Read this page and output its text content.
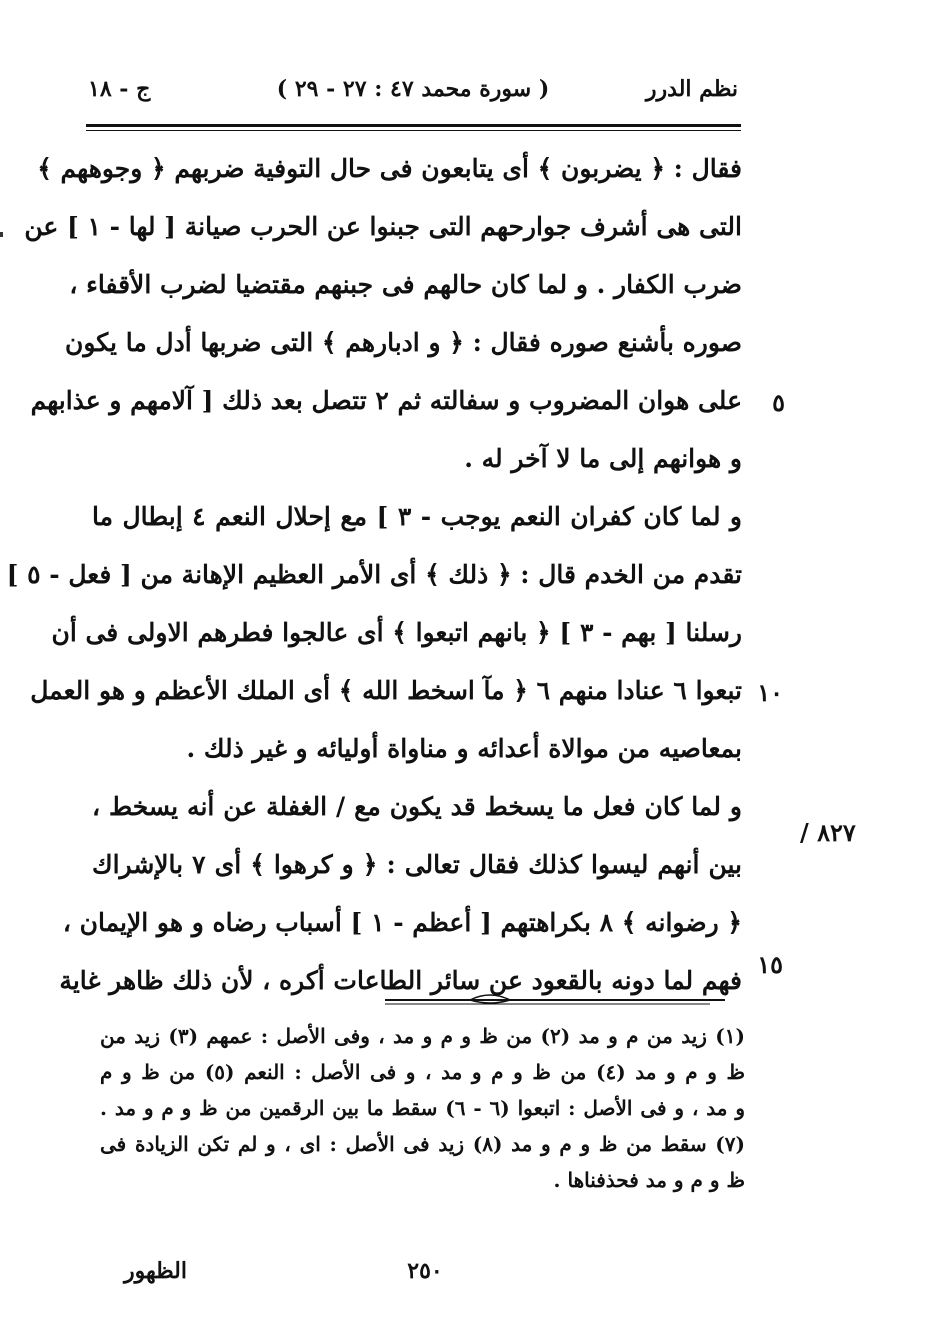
نظم الدرر
( سورة محمد ٤٧ : ٢٧ - ٢٩ )
ج - ١٨
فقال : ﴿ يضربون ﴾ أى يتابعون فى حال التوفية ضربهم ﴿ وجوههم ﴾
التى هى أشرف جوارحهم التى جبنوا عن الحرب صيانة [ لها - ١ ] عن
ضرب الكفار . و لما كان حالهم فى جبنهم مقتضيا لضرب الأقفاء ،
صوره بأشنع صوره فقال : ﴿ و ادبارهم ﴾ التى ضربها أدل ما يكون
على هوان المضروب و سفالته ثم ٢ تتصل بعد ذلك [ آلامهم و عذابهم
و هوانهم إلى ما لا آخر له .
و لما كان كفران النعم يوجب - ٣ ] مع إحلال النعم ٤ إبطال ما
تقدم من الخدم قال : ﴿ ذلك ﴾ أى الأمر العظيم الإهانة من [ فعل - ٥ ]
رسلنا [ بهم - ٣ ] ﴿ بانهم اتبعوا ﴾ أى عالجوا فطرهم الاولى فى أن
تبعوا ٦ عنادا منهم ٦ ﴿ مآ اسخط الله ﴾ أى الملك الأعظم و هو العمل
بمعاصيه من موالاة أعدائه و مناواة أوليائه و غير ذلك .
و لما كان فعل ما يسخط قد يكون مع / الغفلة عن أنه يسخط ،
بين أنهم ليسوا كذلك فقال تعالى : ﴿ و كرهوا ﴾ أى ٧ بالإشراك
﴿ رضوانه ﴾ ٨ بكراهتهم [ أعظم - ١ ] أسباب رضاه و هو الإيمان ،
فهم لما دونه بالقعود عن سائر الطاعات أكره ، لأن ذلك ظاهر غاية
٥
١٠
١٥
٨٢٧ /
(١) زيد من م و مد (٢) من ظ و م و مد ، وفى الأصل : عمهم (٣) زيد من
ظ و م و مد (٤) من ظ و م و مد ، و فى الأصل : النعم (٥) من ظ و م
و مد ، و فى الأصل : اتبعوا (٦ - ٦) سقط ما بين الرقمين من ظ و م و مد .
(٧) سقط من ظ و م و مد (٨) زيد فى الأصل : اى ، و لم تكن الزيادة فى
ظ و م و مد فحذفناها .
٢٥٠
الظهور
